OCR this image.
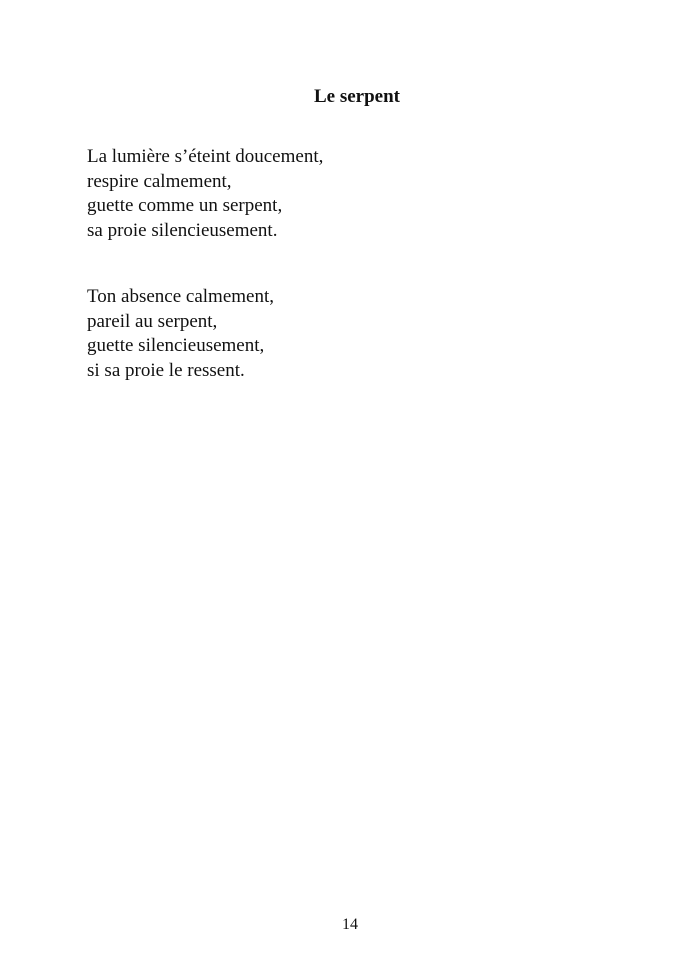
Le serpent
La lumière s’éteint doucement,
respire calmement,
guette comme un serpent,
sa proie silencieusement.
Ton absence calmement,
pareil au serpent,
guette silencieusement,
si sa proie le ressent.
14
